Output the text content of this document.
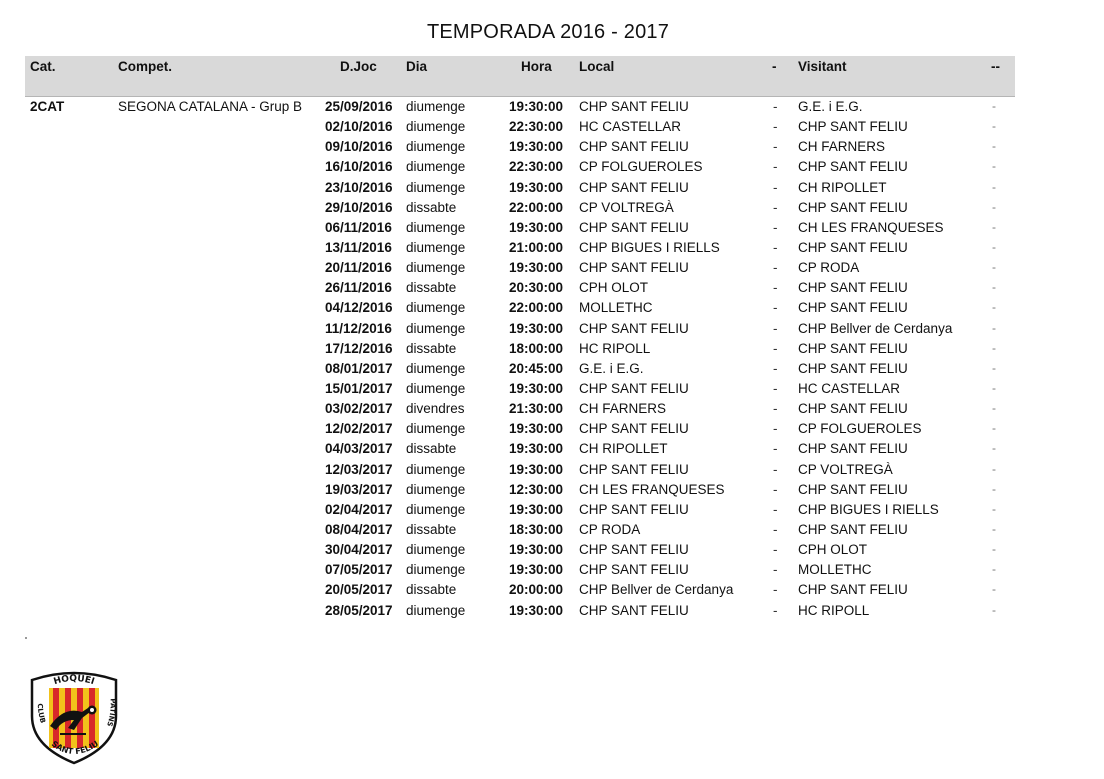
TEMPORADA 2016 - 2017
Cat.	Compet.	D.Joc Dia	Hora Local	- Visitant	--
2CAT	SEGONA CATALANA - Grup B 25/09/2016 diumenge	19:30:00 CHP SANT FELIU	- G.E. i E.G.	-
02/10/2016 diumenge	22:30:00 HC CASTELLAR	- CHP SANT FELIU	-
09/10/2016 diumenge	19:30:00 CHP SANT FELIU	- CH FARNERS	-
16/10/2016 diumenge	22:30:00 CP FOLGUEROLES	- CHP SANT FELIU	-
23/10/2016 diumenge	19:30:00 CHP SANT FELIU	- CH RIPOLLET	-
29/10/2016 dissabte	22:00:00 CP VOLTREGÀ	- CHP SANT FELIU	-
06/11/2016 diumenge	19:30:00 CHP SANT FELIU	- CH LES FRANQUESES	-
13/11/2016 diumenge	21:00:00 CHP BIGUES I RIELLS	- CHP SANT FELIU	-
20/11/2016 diumenge	19:30:00 CHP SANT FELIU	- CP RODA	-
26/11/2016 dissabte	20:30:00 CPH OLOT	- CHP SANT FELIU	-
04/12/2016 diumenge	22:00:00 MOLLETHC	- CHP SANT FELIU	-
11/12/2016 diumenge	19:30:00 CHP SANT FELIU	- CHP Bellver de Cerdanya	-
17/12/2016 dissabte	18:00:00 HC RIPOLL	- CHP SANT FELIU	-
08/01/2017 diumenge	20:45:00 G.E. i E.G.	- CHP SANT FELIU	-
15/01/2017 diumenge	19:30:00 CHP SANT FELIU	- HC CASTELLAR	-
03/02/2017 divendres	21:30:00 CH FARNERS	- CHP SANT FELIU	-
12/02/2017 diumenge	19:30:00 CHP SANT FELIU	- CP FOLGUEROLES	-
04/03/2017 dissabte	19:30:00 CH RIPOLLET	- CHP SANT FELIU	-
12/03/2017 diumenge	19:30:00 CHP SANT FELIU	- CP VOLTREGÀ	-
19/03/2017 diumenge	12:30:00 CH LES FRANQUESES	- CHP SANT FELIU	-
02/04/2017 diumenge	19:30:00 CHP SANT FELIU	- CHP BIGUES I RIELLS	-
08/04/2017 dissabte	18:30:00 CP RODA	- CHP SANT FELIU	-
30/04/2017 diumenge	19:30:00 CHP SANT FELIU	- CPH OLOT	-
07/05/2017 diumenge	19:30:00 CHP SANT FELIU	- MOLLETHC	-
20/05/2017 dissabte	20:00:00 CHP Bellver de Cerdanya	- CHP SANT FELIU	-
28/05/2017 diumenge	19:30:00 CHP SANT FELIU	- HC RIPOLL	-
HOQUEI
CLUB
PATINS
SANT FELIU
